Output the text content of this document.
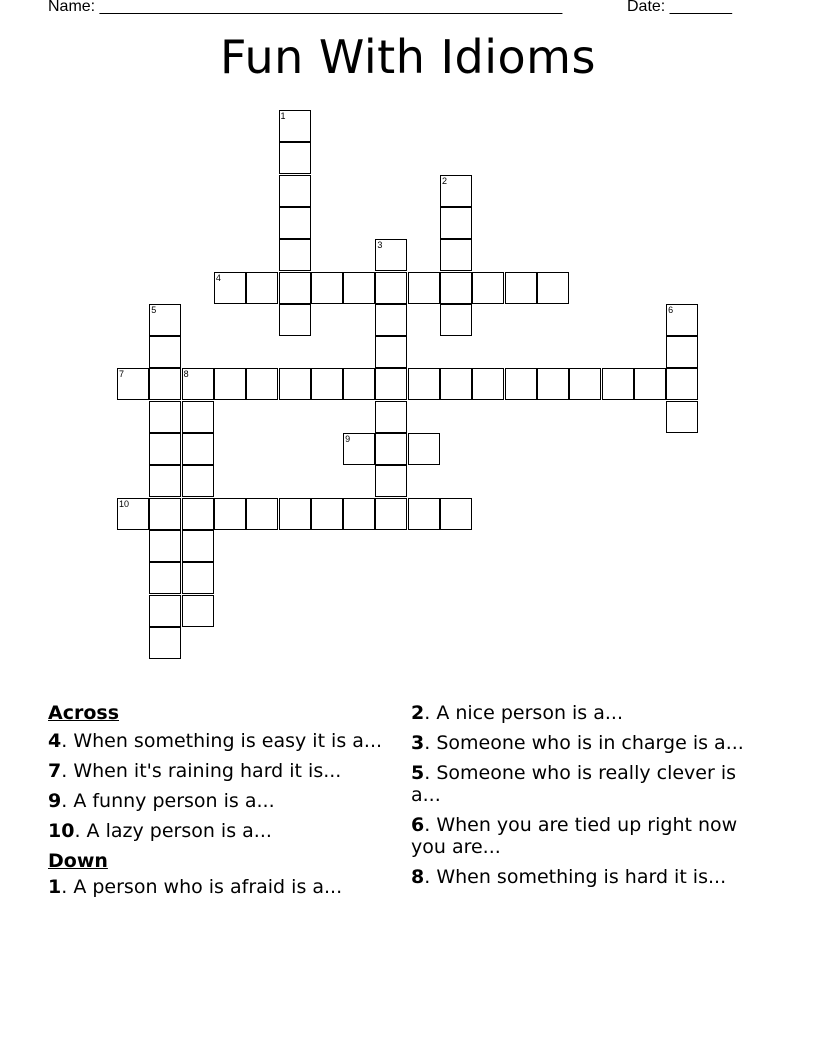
Name: ____________________________________________________	Date: _______
Fun With Idioms
1
2
3
4
5	6
7	8
9
10
Across
4. When something is easy it is a...
7. When it's raining hard it is...
9. A funny person is a...
10. A lazy person is a...
Down
1. A person who is afraid is a...
2. A nice person is a...
3. Someone who is in charge is a...
5. Someone who is really clever is a...
6. When you are tied up right now you are...
8. When something is hard it is...
